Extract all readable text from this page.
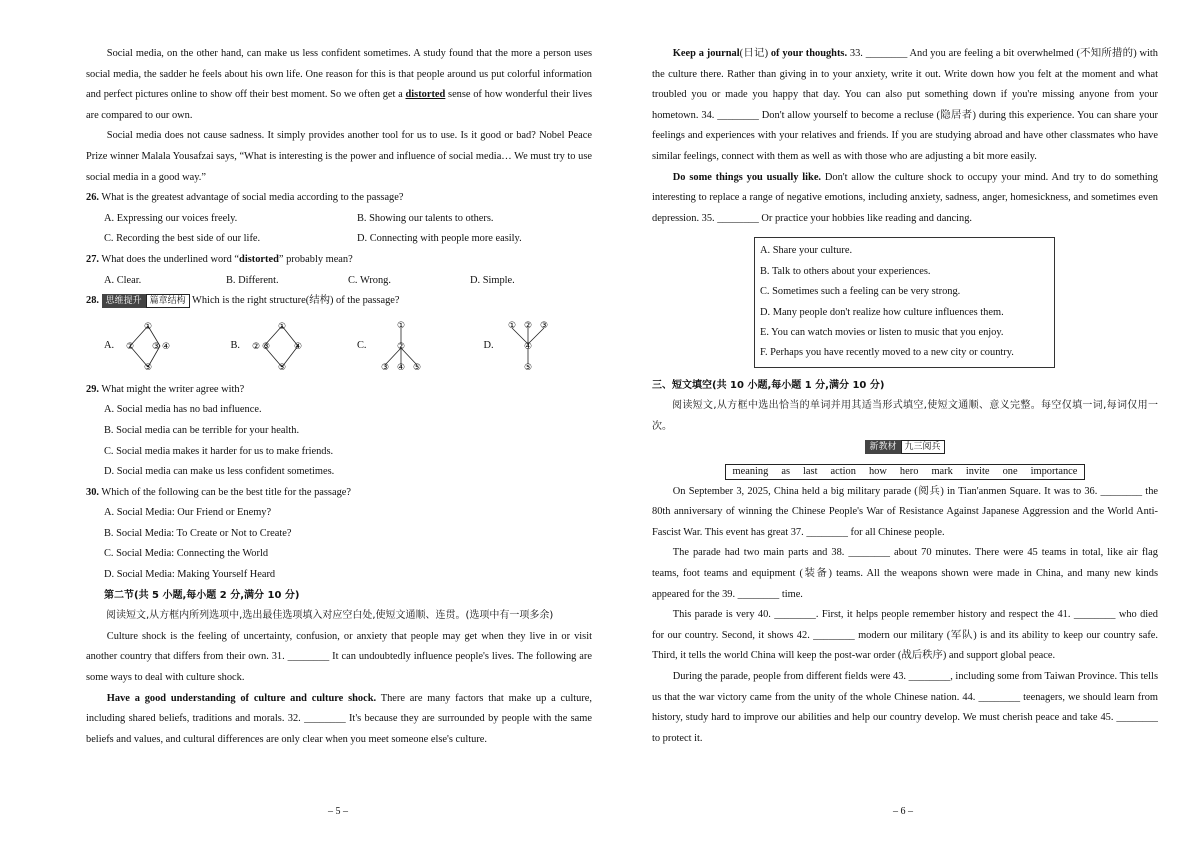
Social media, on the other hand, can make us less confident sometimes. A study found that the more a person uses social media, the sadder he feels about his own life. One reason for this is that people around us put colorful information and perfect pictures online to show off their best moment. So we often get a distorted sense of how wonderful their lives are compared to our own.

Social media does not cause sadness. It simply provides another tool for us to use. Is it good or bad? Nobel Peace Prize winner Malala Yousafzai says, “What is interesting is the power and influence of social media… We must try to use social media in a good way.”

26. What is the greatest advantage of social media according to the passage?

A. Expressing our voices freely.	B. Showing our talents to others.
C. Recording the best side of our life.	D. Connecting with people more easily.

27. What does the underlined word “distorted” probably mean?

A. Clear.	B. Different.	C. Wrong.	D. Simple.

28. 思维提升 篇章结构 Which is the right structure(结构) of the passage?

A.
①
② ③ ④
⑤
B.
①
② ③	④
⑤
C.
①
②
③ ④ ⑤
D.
① ② ③
④
⑤

29. What might the writer agree with?

A. Social media has no bad influence.
B. Social media can be terrible for your health.
C. Social media makes it harder for us to make friends.
D. Social media can make us less confident sometimes.

30. Which of the following can be the best title for the passage?

A. Social Media: Our Friend or Enemy?
B. Social Media: To Create or Not to Create?
C. Social Media: Connecting the World
D. Social Media: Making Yourself Heard
第二节(共 5 小题,每小题 2 分,满分 10 分)
阅读短文,从方框内所列选项中,选出最佳选项填入对应空白处,使短文通顺、连贯。(选项中有一项多余)

Culture shock is the feeling of uncertainty, confusion, or anxiety that people may get when they live in or visit another country that differs from their own. 31. ________ It can undoubtedly influence people's lives. The following are some ways to deal with culture shock.

Have a good understanding of culture and culture shock. There are many factors that make up a culture, including shared beliefs, traditions and morals. 32. ________ It's because they are surrounded by people with the same beliefs and values, and cultural differences are only clear when you meet someone else's culture.

– 5 –

Keep a journal(日记) of your thoughts. 33. ________ And you are feeling a bit overwhelmed (不知所措的) with the culture there. Rather than giving in to your anxiety, write it out. Write down how you felt at the moment and what troubled you or made you happy that day. You can also put something down if you're missing anyone from your hometown. 34. ________ Don't allow yourself to become a recluse (隐居者) during this experience. You can share your feelings and experiences with your relatives and friends. If you are studying abroad and have other classmates who have similar feelings, connect with them as well as with those who are adjusting a bit more easily.

Do some things you usually like. Don't allow the culture shock to occupy your mind. And try to do something interesting to replace a range of negative emotions, including anxiety, sadness, anger, homesickness, and sometimes even depression. 35. ________ Or practice your hobbies like reading and dancing.

A. Share your culture.
B. Talk to others about your experiences.
C. Sometimes such a feeling can be very strong.
D. Many people don't realize how culture influences them.
E. You can watch movies or listen to music that you enjoy.
F. Perhaps you have recently moved to a new city or country.
三、短文填空(共 10 小题,每小题 1 分,满分 10 分)
阅读短文,从方框中选出恰当的单词并用其适当形式填空,使短文通顺、意义完整。每空仅填一词,每词仅用一次。
新教材 九三阅兵
meaning as last action how hero mark invite one importance

On September 3, 2025, China held a big military parade (阅兵) in Tian'anmen Square. It was to 36. ________ the 80th anniversary of winning the Chinese People's War of Resistance Against Japanese Aggression and the World Anti-Fascist War. This event has great 37. ________ for all Chinese people.

The parade had two main parts and 38. ________ about 70 minutes. There were 45 teams in total, like air flag teams, foot teams and equipment (装备) teams. All the weapons shown were made in China, and many new kinds appeared for the 39. ________ time.

This parade is very 40. ________. First, it helps people remember history and respect the 41. ________ who died for our country. Second, it shows 42. ________ modern our military (军队) is and its ability to keep our country safe. Third, it tells the world China will keep the post-war order (战后秩序) and support global peace.

During the parade, people from different fields were 43. ________, including some from Taiwan Province. This tells us that the war victory came from the unity of the whole Chinese nation. 44. ________ teenagers, we should learn from history, study hard to improve our abilities and help our country develop. We must cherish peace and take 45. ________ to protect it.

– 6 –
